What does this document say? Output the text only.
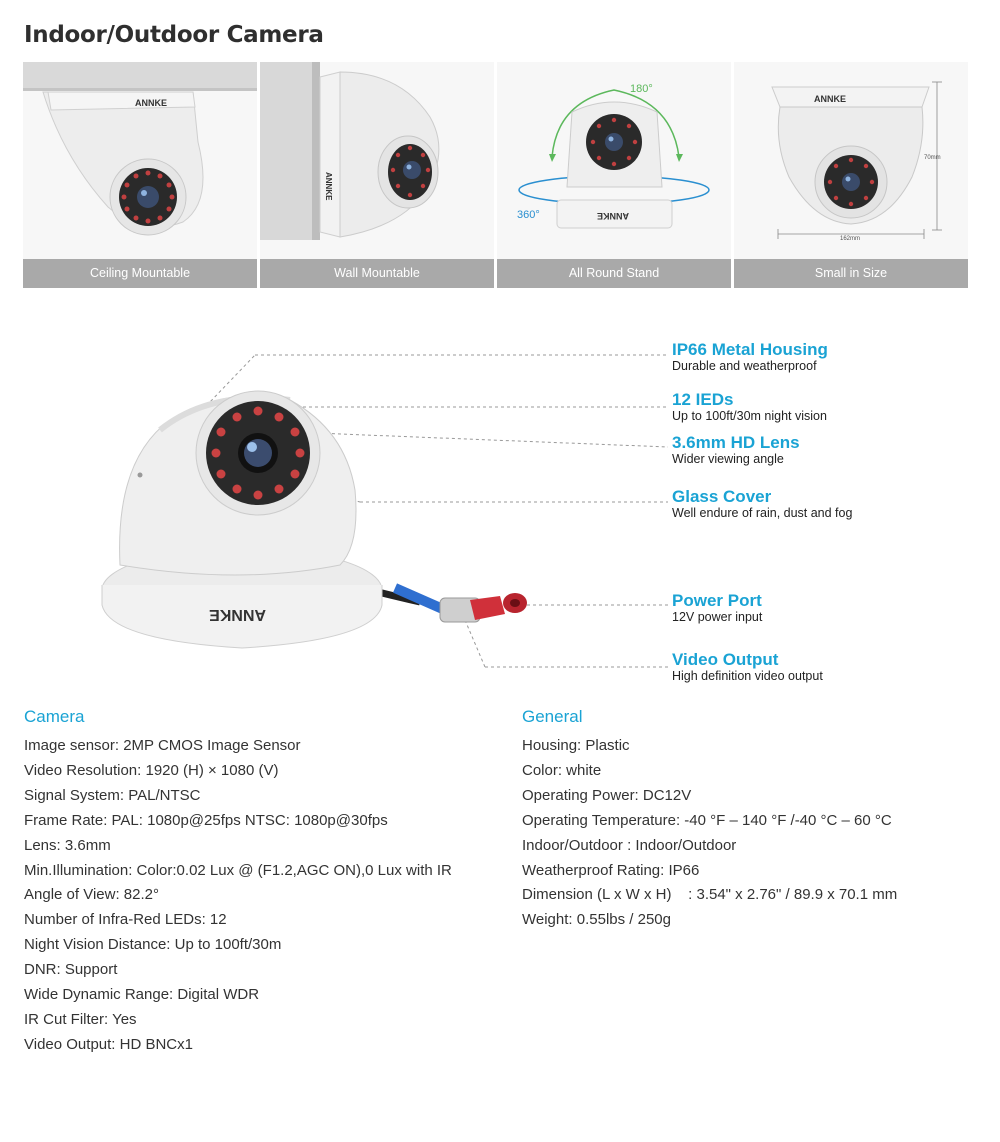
Indoor/Outdoor Camera
ANNKE
Ceiling Mountable
ANNKE
Wall Mountable
180°
ANNKE
360°
All Round Stand
ANNKE
70mm
162mm
Small in Size
ANNKE
IP66 Metal Housing
Durable and weatherproof
12 IEDs
Up to 100ft/30m night vision
3.6mm HD Lens
Wider viewing angle
Glass Cover
Well endure of rain, dust and fog
Power Port
12V power input
Video Output
High definition video output
Camera
Image sensor: 2MP CMOS Image Sensor
Video Resolution: 1920 (H) × 1080 (V)
Signal System: PAL/NTSC
Frame Rate: PAL: 1080p@25fps NTSC: 1080p@30fps
Lens: 3.6mm
Min.Illumination: Color:0.02 Lux @ (F1.2,AGC ON),0 Lux with IR
Angle of View: 82.2°
Number of Infra-Red LEDs: 12
Night Vision Distance: Up to 100ft/30m
DNR: Support
Wide Dynamic Range: Digital WDR
IR Cut Filter: Yes
Video Output: HD BNCx1
General
Housing: Plastic
Color: white
Operating Power: DC12V
Operating Temperature: -40 °F – 140 °F /-40 °C – 60 °C
Indoor/Outdoor : Indoor/Outdoor
Weatherproof Rating: IP66
Dimension (L x W x H)    : 3.54" x 2.76" / 89.9 x 70.1 mm
Weight: 0.55lbs / 250g
